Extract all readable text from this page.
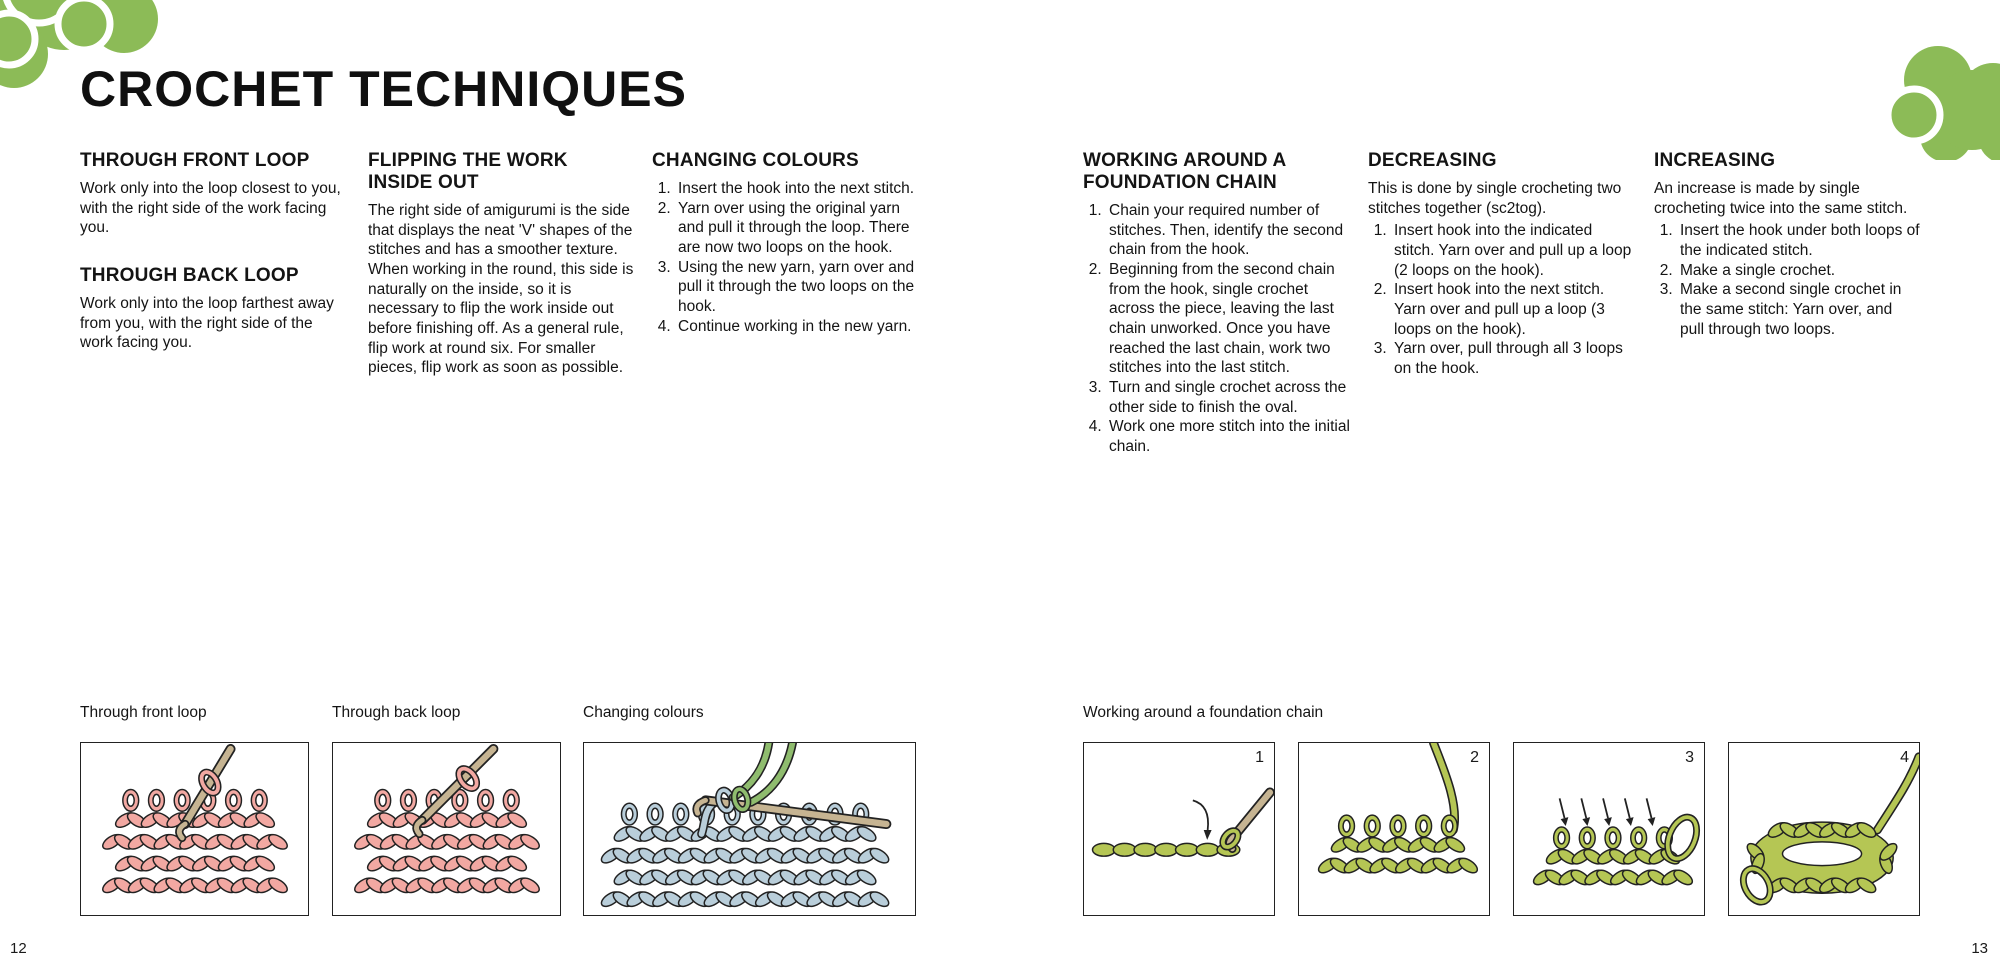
CROCHET TECHNIQUES
THROUGH FRONT LOOP

Work only into the loop closest to you, with the right side of the work facing you.

THROUGH BACK LOOP

Work only into the loop farthest away from you, with the right side of the work facing you.

FLIPPING THE WORK INSIDE OUT

The right side of amigurumi is the side that displays the neat 'V' shapes of the stitches and has a smoother texture. When working in the round, this side is naturally on the inside, so it is necessary to flip the work inside out before finishing off. As a general rule, flip work at round six. For smaller pieces, flip work as soon as possible.

CHANGING COLOURS
1. Insert the hook into the next stitch.
2. Yarn over using the original yarn and pull it through the loop. There are now two loops on the hook.
3. Using the new yarn, yarn over and pull it through the two loops on the hook.
4. Continue working in the new yarn.
WORKING AROUND A FOUNDATION CHAIN
1. Chain your required number of stitches. Then, identify the second chain from the hook.
2. Beginning from the second chain from the hook, single crochet across the piece, leaving the last chain unworked. Once you have reached the last chain, work two stitches into the last stitch.
3. Turn and single crochet across the other side to finish the oval.
4. Work one more stitch into the initial chain.
DECREASING

This is done by single crocheting two stitches together (sc2tog).

1. Insert hook into the indicated stitch. Yarn over and pull up a loop (2 loops on the hook).
2. Insert hook into the next stitch. Yarn over and pull up a loop (3 loops on the hook).
3. Yarn over, pull through all 3 loops on the hook.
INCREASING

An increase is made by single crocheting twice into the same stitch.

1. Insert the hook under both loops of the indicated stitch.
2. Make a single crochet.
3. Make a second single crochet in the same stitch: Yarn over, and pull through two loops.
Through front loop	Through back loop	Changing colours	Working around a foundation chain
1	2	3	4
12	13
